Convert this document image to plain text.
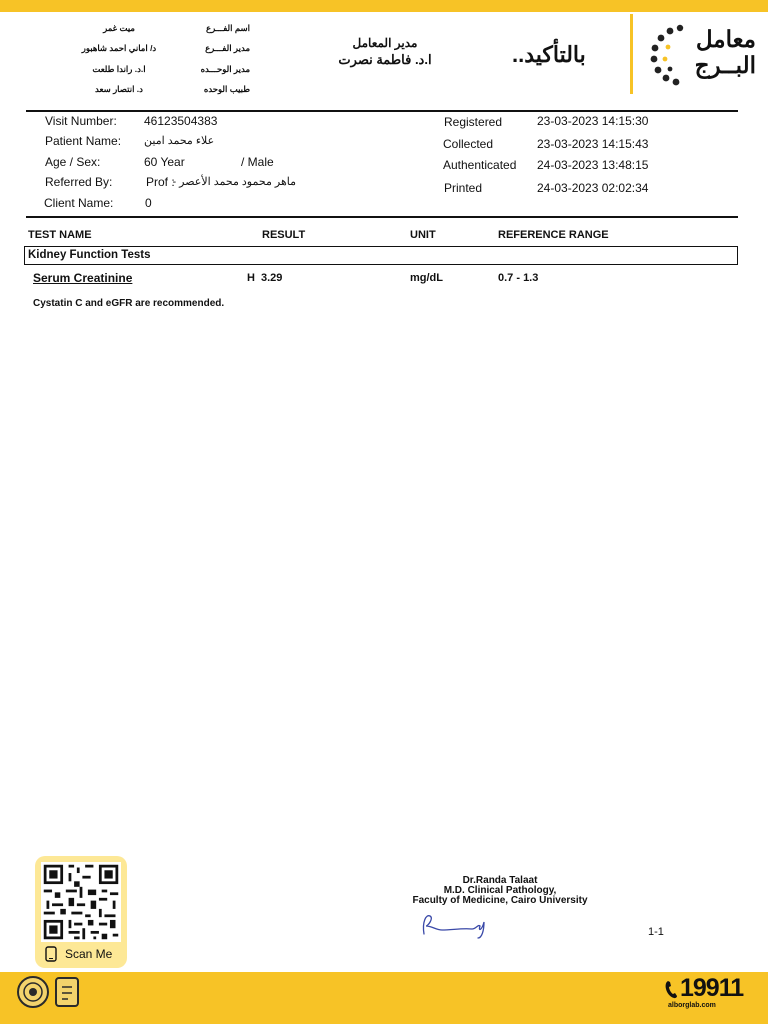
اسم الفـــرع
ميت غمر
مدير الفـــرع
د/ اماني احمد شاهبور
مدير الوحـــده
ا.د. راندا طلعت
طبيب الوحده
د. انتصار سعد
مدير المعامل
ا.د. فاطمة نصرت	بالتأكيد..
معامل
البــرج
Visit Number: 46123504383
Patient Name: علاء محمد امين
Age / Sex:	60 Year	/ Male
Referred By:	Prof :
ماهر محمود محمد الأعصر -
Client Name:	0
Registered	23-03-2023 14:15:30
Collected	23-03-2023 14:15:43
Authenticated 24-03-2023 13:48:15
Printed	24-03-2023 02:02:34
TEST NAME	RESULT	UNIT	REFERENCE RANGE
Kidney Function Tests
Serum Creatinine	H 3.29	mg/dL	0.7 - 1.3
Cystatin C and eGFR are recommended.
Scan Me
Dr.Randa Talaat
M.D. Clinical Pathology,
Faculty of Medicine, Cairo University
1-1
19911
alborglab.com
